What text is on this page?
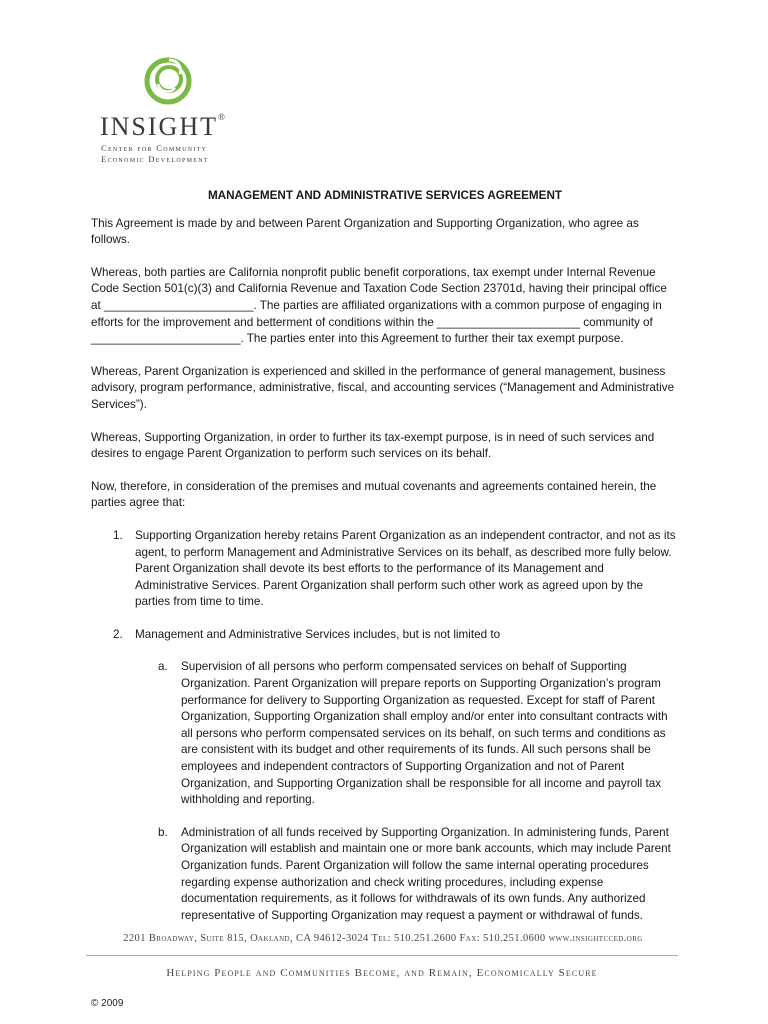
INSIGHT®
Center for Community
Economic Development
MANAGEMENT AND ADMINISTRATIVE SERVICES AGREEMENT

This Agreement is made by and between Parent Organization and Supporting Organization, who agree as follows.

Whereas, both parties are California nonprofit public benefit corporations, tax exempt under Internal Revenue Code Section 501(c)(3) and California Revenue and Taxation Code Section 23701d, having their principal office at _______________________. The parties are affiliated organizations with a common purpose of engaging in efforts for the improvement and betterment of conditions within the ______________________ community of _______________________. The parties enter into this Agreement to further their tax exempt purpose.

Whereas, Parent Organization is experienced and skilled in the performance of general management, business advisory, program performance, administrative, fiscal, and accounting services (“Management and Administrative Services”).

Whereas, Supporting Organization, in order to further its tax-exempt purpose, is in need of such services and desires to engage Parent Organization to perform such services on its behalf.

Now, therefore, in consideration of the premises and mutual covenants and agreements contained herein, the parties agree that:

1. Supporting Organization hereby retains Parent Organization as an independent contractor, and not as its agent, to perform Management and Administrative Services on its behalf, as described more fully below. Parent Organization shall devote its best efforts to the performance of its Management and Administrative Services. Parent Organization shall perform such other work as agreed upon by the parties from time to time.
2. Management and Administrative Services includes, but is not limited to
a. Supervision of all persons who perform compensated services on behalf of Supporting Organization. Parent Organization will prepare reports on Supporting Organization’s program performance for delivery to Supporting Organization as requested. Except for staff of Parent Organization, Supporting Organization shall employ and/or enter into consultant contracts with all persons who perform compensated services on its behalf, on such terms and conditions as are consistent with its budget and other requirements of its funds. All such persons shall be employees and independent contractors of Supporting Organization and not of Parent Organization, and Supporting Organization shall be responsible for all income and payroll tax withholding and reporting.
b. Administration of all funds received by Supporting Organization. In administering funds, Parent Organization will establish and maintain one or more bank accounts, which may include Parent Organization funds. Parent Organization will follow the same internal operating procedures regarding expense authorization and check writing procedures, including expense documentation requirements, as it follows for withdrawals of its own funds. Any authorized representative of Supporting Organization may request a payment or withdrawal of funds.
2201 Broadway, Suite 815, Oakland, CA 94612-3024 Tel: 510.251.2600 Fax: 510.251.0600 www.insightcced.org
Helping People and Communities Become, and Remain, Economically Secure
© 2009
